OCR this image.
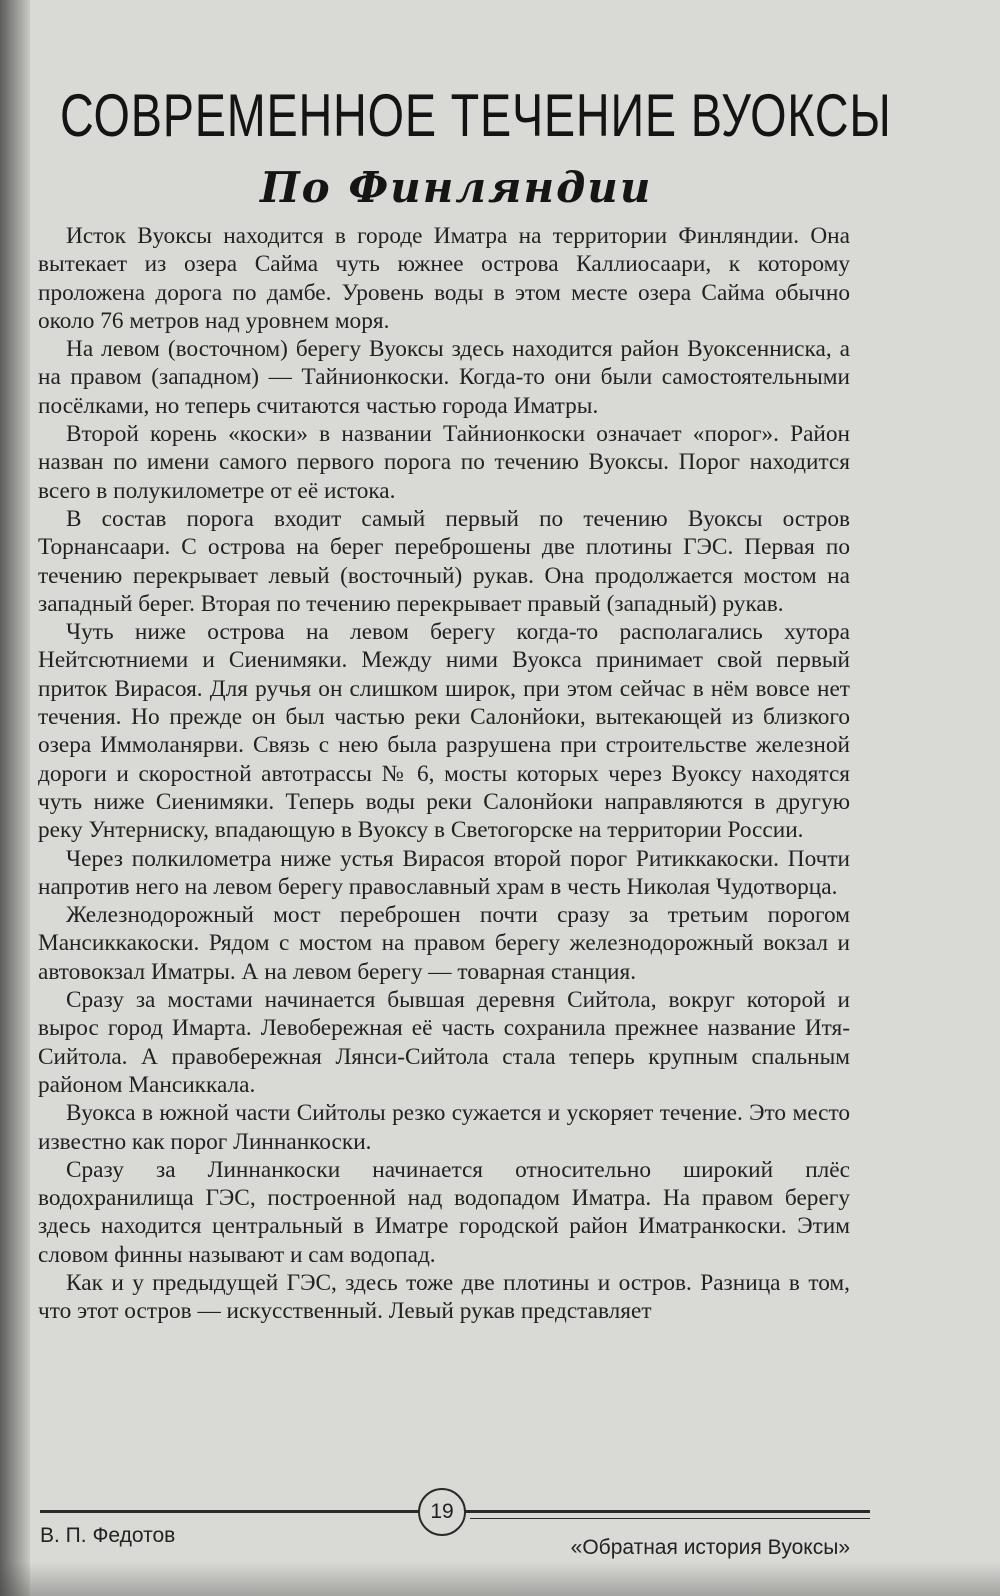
СОВРЕМЕННОЕ ТЕЧЕНИЕ ВУОКСЫ
По Финляндии

Исток Вуоксы находится в городе Иматра на территории Финляндии. Она вытекает из озера Сайма чуть южнее острова Каллиосаари, к которому проложена дорога по дамбе. Уровень воды в этом месте озера Сайма обычно около 76 метров над уровнем моря.

На левом (восточном) берегу Вуоксы здесь находится район Вуоксенниска, а на правом (западном) — Тайнионкоски. Когда-то они были самостоятельными посёлками, но теперь считаются частью города Иматры.

Второй корень «коски» в названии Тайнионкоски означает «порог». Район назван по имени самого первого порога по течению Вуоксы. Порог находится всего в полукилометре от её истока.

В состав порога входит самый первый по течению Вуоксы остров Торнансаари. С острова на берег переброшены две плотины ГЭС. Первая по течению перекрывает левый (восточный) рукав. Она продолжается мостом на западный берег. Вторая по течению перекрывает правый (западный) рукав.

Чуть ниже острова на левом берегу когда-то располагались хутора Нейтсютниеми и Сиенимяки. Между ними Вуокса принимает свой первый приток Вирасоя. Для ручья он слишком широк, при этом сейчас в нём вовсе нет течения. Но прежде он был частью реки Салонйоки, вытекающей из близкого озера Иммоланярви. Связь с нею была разрушена при строительстве железной дороги и скоростной автотрассы № 6, мосты которых через Вуоксу находятся чуть ниже Сиенимяки. Теперь воды реки Салонйоки направляются в другую реку Унтерниску, впадающую в Вуоксу в Светогорске на территории России.

Через полкилометра ниже устья Вирасоя второй порог Ритиккакоски. Почти напротив него на левом берегу православный храм в честь Николая Чудотворца.

Железнодорожный мост переброшен почти сразу за третьим порогом Мансиккакоски. Рядом с мостом на правом берегу железнодорожный вокзал и автовокзал Иматры. А на левом берегу — товарная станция.

Сразу за мостами начинается бывшая деревня Сийтола, вокруг которой и вырос город Имарта. Левобережная её часть сохранила прежнее название Итя-Сийтола. А правобережная Лянси-Сийтола стала теперь крупным спальным районом Мансиккала.

Вуокса в южной части Сийтолы резко сужается и ускоряет течение. Это место известно как порог Линнанкоски.

Сразу за Линнанкоски начинается относительно широкий плёс водохранилища ГЭС, построенной над водопадом Иматра. На правом берегу здесь находится центральный в Иматре городской район Иматранкоски. Этим словом финны называют и сам водопад.

Как и у предыдущей ГЭС, здесь тоже две плотины и остров. Разница в том, что этот остров — искусственный. Левый рукав представляет

19
В. П. Федотов
«Обратная история Вуоксы»
